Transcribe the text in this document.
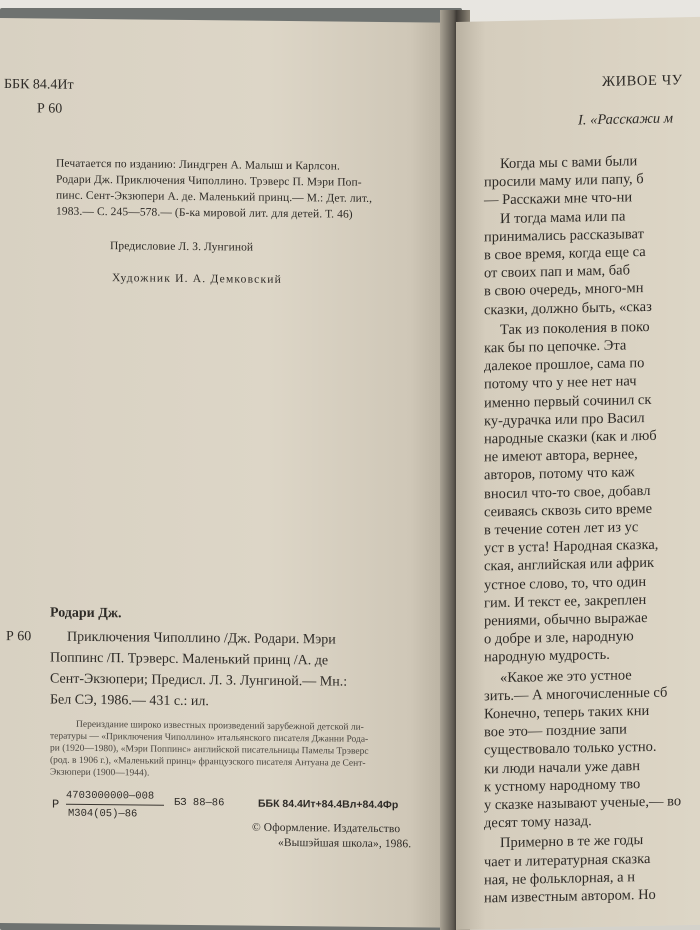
ББК 84.4Ит
Р 60
Печатается по изданию: Линдгрен А. Малыш и Карлсон.
Родари Дж. Приключения Чиполлино. Трэверс П. Мэри Поп-
пинс. Сент-Экзюпери А. де. Маленький принц.— М.: Дет. лит.,
1983.— С. 245—578.— (Б-ка мировой лит. для детей. Т. 46)
Предисловие Л. З. Лунгиной
Художник И. А. Демковский
Родари Дж.
Р 60	Приключения Чиполлино /Дж. Родари. Мэри
Поппинс /П. Трэверс. Маленький принц /А. де
Сент-Экзюпери; Предисл. Л. З. Лунгиной.— Мн.:
Бел СЭ, 1986.— 431 с.: ил.
Переиздание широко известных произведений зарубежной детской ли-
тературы — «Приключения Чиполлино» итальянского писателя Джанни Рода-
ри (1920—1980), «Мэри Поппинс» английской писательницы Памелы Трэверс
(род. в 1906 г.), «Маленький принц» французского писателя Антуана де Сент-
Экзюпери (1900—1944).
4703000000—008
Р
М304(05)—86
БЗ 88—86	ББК 84.4Ит+84.4Вл+84.4Фр
© Оформление. Издательство
«Вышэйшая школа», 1986.
ЖИВОЕ ЧУ
I. «Расскажи м
Когда мы с вами были
просили маму или папу, б
— Расскажи мне что-ни
И тогда мама или па
принимались рассказыват
в свое время, когда еще са
от своих пап и мам, баб
в свою очередь, много-мн
сказки, должно быть, «сказ
Так из поколения в поко
как бы по цепочке. Эта
далекое прошлое, сама по
потому что у нее нет нач
именно первый сочинил ск
ку-дурачка или про Васил
народные сказки (как и люб
не имеют автора, вернее,
авторов, потому что каж
вносил что-то свое, добавл
сеиваясь сквозь сито време
в течение сотен лет из ус
уст в уста! Народная сказка,
ская, английская или африк
устное слово, то, что один
гим. И текст ее, закреплен
рениями, обычно выражае
о добре и зле, народную
народную мудрость.
«Какое же это устное
зить.— А многочисленные сб
Конечно, теперь таких кни
вое это— поздние запи
существовало только устно.
ки люди начали уже давн
к устному народному тво
у сказке называют ученые,— во
десят тому назад.
Примерно в те же годы
чает и литературная сказка
ная, не фольклорная, а н
нам известным автором. Но
